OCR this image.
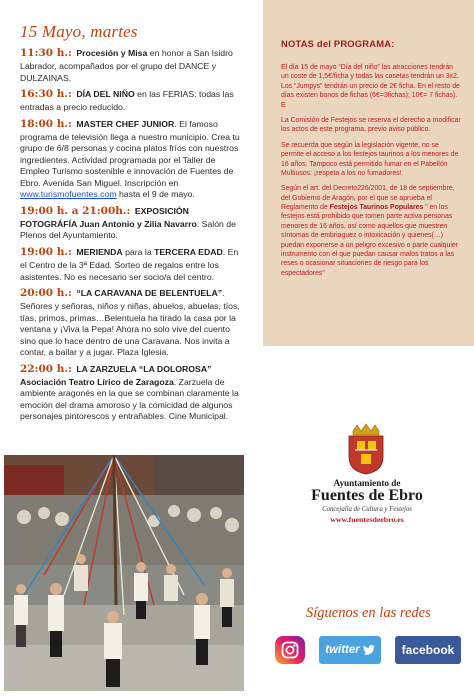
15 Mayo, martes
11:30 h.: Procesión y Misa en honor a San Isidro Labrador, acompañados por el grupo del DANCE y DULZAINAS.
16:30 h.: DÍA DEL NIÑO en las FERIAS: todas las entradas a precio reducido.
18:00 h.: MASTER CHEF JUNIOR. El famoso programa de televisión llega a nuestro municipio. Crea tu grupo de 6/8 personas y cocina platos fríos con nuestros ingredientes. Actividad programada por el Taller de Empleo Turismo sostenible e innovación de Fuentes de Ebro. Avenida San Miguel. Inscripción en www.turismofuentes.com hasta el 9 de mayo.
19:00 h. a 21:00h.: EXPOSICIÓN FOTOGRÁFÍA Juan Antonio y Zilia Navarro. Salón de Plenos del Ayuntamiento.
19:00 h.: MERIENDA para la TERCERA EDAD. En el Centro de la 3ª Edad. Sorteo de regalos entre los asistentes. No es necesario ser socio/a del centro.
20:00 h.: “LA CARAVANA DE BELENTUELA”. Señores y señoras, niños y niñas, abuelos, abuelas, tíos, tías, primos, primas…Belentuela ha tirado la casa por la ventana y ¡Viva la Pepa! Ahora no solo vive del cuento sino que lo hace dentro de una Caravana. Nos invita a contar, a bailar y a jugar. Plaza Iglesia.
22:00 h.: LA ZARZUELA “LA DOLOROSA” Asociación Teatro Lírico de Zaragoza. Zarzuela de ambiente aragonés en la que se combinan claramente la emoción del drama amoroso y la comicidad de algunos personajes pintorescos y entrañables. Cine Municipal.
NOTAS del PROGRAMA:

El día 15 de mayo “Día del niño” las atracciones tendrán un coste de 1,5€/ficha y todas las casetas tendrán un 3x2. Los “Jumpys” tendrán un precio de 2€ ficha. En el resto de días existen bonos de fichas (6€=3fichas); 10€= 7 fichas). E

La Comisión de Festejos se reserva el derecho a modificar los actos de este programa, previo aviso público.

Se recuerda que según la legislación vigente, no se permite el acceso a los festejos taurinos a los menores de 16 años. Tampoco está permitido fumar en el Pabellón Multiusos: ¡respeta a los no fumadores!

Según el art. del Decreto226/2001, de 18 de septiembre, del Gobierno de Aragón, por el que se aprueba el Reglamento de Festejos Taurinos Populares “ en los festejos está prohibido que tomen parte activa personas menores de 16 años, así como aquellos que muestren síntomas de embriaguez o intoxicación y quienes(…) puedan exponerse a un peligro excesivo o parte cualquier instrumento con el que puedan causar malos tratos a las reses o ocasionar situaciones de riesgo para los espectadores”

Ayuntamiento de
Fuentes de Ebro
Concejalía de Cultura y Festejos
www.fuentesdeebro.es
Síguenos en las redes
twitter	facebook
